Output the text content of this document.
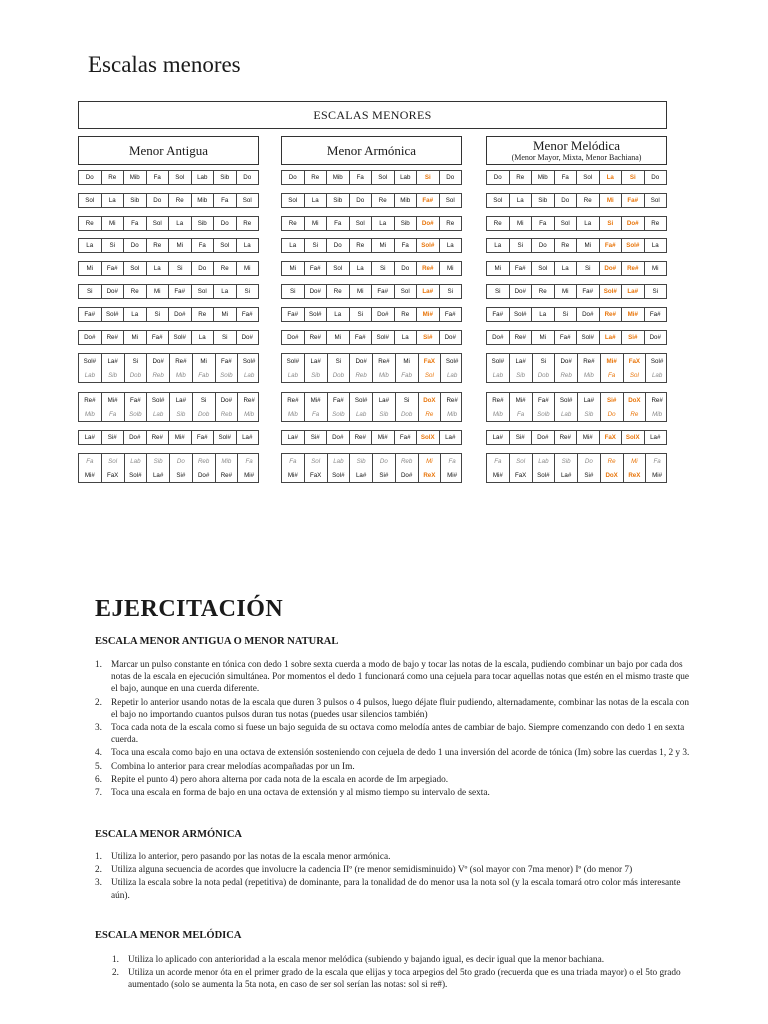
Escalas menores
ESCALAS MENORES
Menor Antigua
Do	Re	Mib	Fa	Sol	Lab	Sib	Do
Sol	La	Sib	Do	Re	Mib	Fa	Sol
Re	Mi	Fa	Sol	La	Sib	Do	Re
La	Si	Do	Re	Mi	Fa	Sol	La
Mi	Fa#	Sol	La	Si	Do	Re	Mi
Si	Do#	Re	Mi	Fa#	Sol	La	Si
Fa#	Sol#	La	Si	Do#	Re	Mi	Fa#
Do#	Re#	Mi	Fa#	Sol#	La	Si	Do#
Sol#	La#	Si	Do#	Re#	Mi	Fa#	Sol#
Lab	Sib	Dob	Reb	Mib	Fab	Solb	Lab
Re#	Mi#	Fa#	Sol#	La#	Si	Do#	Re#
Mib	Fa	Solb	Lab	Sib	Dob	Reb	Mib
La#	Si#	Do#	Re#	Mi#	Fa#	Sol#	La#
Fa	Sol	Lab	Sib	Do	Reb	Mib	Fa
Mi#	FaX	Sol#	La#	Si#	Do#	Re#	Mi#
Menor Armónica
Do	Re	Mib	Fa	Sol	Lab	Si	Do
Sol	La	Sib	Do	Re	Mib	Fa#	Sol
Re	Mi	Fa	Sol	La	Sib	Do#	Re
La	Si	Do	Re	Mi	Fa	Sol#	La
Mi	Fa#	Sol	La	Si	Do	Re#	Mi
Si	Do#	Re	Mi	Fa#	Sol	La#	Si
Fa#	Sol#	La	Si	Do#	Re	Mi#	Fa#
Do#	Re#	Mi	Fa#	Sol#	La	Si#	Do#
Sol#	La#	Si	Do#	Re#	Mi	FaX	Sol#
Lab	Sib	Dob	Reb	Mib	Fab	Sol	Lab
Re#	Mi#	Fa#	Sol#	La#	Si	DoX	Re#
Mib	Fa	Solb	Lab	Sib	Dob	Re	Mib
La#	Si#	Do#	Re#	Mi#	Fa#	SolX	La#
Fa	Sol	Lab	Sib	Do	Reb	Mi	Fa
Mi#	FaX	Sol#	La#	Si#	Do#	ReX	Mi#
Menor Melódica
(Menor Mayor, Mixta, Menor Bachiana)
Do	Re	Mib	Fa	Sol	La	Si	Do
Sol	La	Sib	Do	Re	Mi	Fa#	Sol
Re	Mi	Fa	Sol	La	Si	Do#	Re
La	Si	Do	Re	Mi	Fa#	Sol#	La
Mi	Fa#	Sol	La	Si	Do#	Re#	Mi
Si	Do#	Re	Mi	Fa#	Sol#	La#	Si
Fa#	Sol#	La	Si	Do#	Re#	Mi#	Fa#
Do#	Re#	Mi	Fa#	Sol#	La#	Si#	Do#
Sol#	La#	Si	Do#	Re#	Mi#	FaX	Sol#
Lab	Sib	Dob	Reb	Mib	Fa	Sol	Lab
Re#	Mi#	Fa#	Sol#	La#	Si#	DoX	Re#
Mib	Fa	Solb	Lab	Sib	Do	Re	Mib
La#	Si#	Do#	Re#	Mi#	FaX	SolX	La#
Fa	Sol	Lab	Sib	Do	Re	Mi	Fa
Mi#	FaX	Sol#	La#	Si#	DoX	ReX	Mi#
EJERCITACIÓN
ESCALA MENOR ANTIGUA O MENOR NATURAL
1. Marcar un pulso constante en tónica con dedo 1 sobre sexta cuerda a modo de bajo y tocar las notas de la escala, pudiendo combinar un bajo por cada dos notas de la escala en ejecución simultánea. Por momentos el dedo 1 funcionará como una cejuela para tocar aquellas notas que estén en el mismo traste que el bajo, aunque en una cuerda diferente.
2. Repetir lo anterior usando notas de la escala que duren 3 pulsos o 4 pulsos, luego déjate fluir pudiendo, alternadamente, combinar las notas de la escala con el bajo no importando cuantos pulsos duran tus notas (puedes usar silencios también)
3. Toca cada nota de la escala como si fuese un bajo seguida de su octava como melodía antes de cambiar de bajo. Siempre comenzando con dedo 1 en sexta cuerda.
4. Toca una escala como bajo en una octava de extensión sosteniendo con cejuela de dedo 1 una inversión del acorde de tónica (Im) sobre las cuerdas 1, 2 y 3.
5. Combina lo anterior para crear melodías acompañadas por un Im.
6. Repite el punto 4) pero ahora alterna por cada nota de la escala en acorde de Im arpegiado.
7. Toca una escala en forma de bajo en una octava de extensión y al mismo tiempo su intervalo de sexta.
ESCALA MENOR ARMÓNICA
1. Utiliza lo anterior, pero pasando por las notas de la escala menor armónica.
2. Utiliza alguna secuencia de acordes que involucre la cadencia IIº (re menor semidisminuido) Vº (sol mayor con 7ma menor) Iº (do menor 7)
3. Utiliza la escala sobre la nota pedal (repetitiva) de dominante, para la tonalidad de do menor usa la nota sol (y la escala tomará otro color más interesante aún).
ESCALA MENOR MELÓDICA
1. Utiliza lo aplicado con anterioridad a la escala menor melódica (subiendo y bajando igual, es decir igual que la menor bachiana.
2. Utiliza un acorde menor óta en el primer grado de la escala que elijas y toca arpegios del 5to grado (recuerda que es una triada mayor) o el 5to grado aumentado (solo se aumenta la 5ta nota, en caso de ser sol serían las notas: sol si re#).
